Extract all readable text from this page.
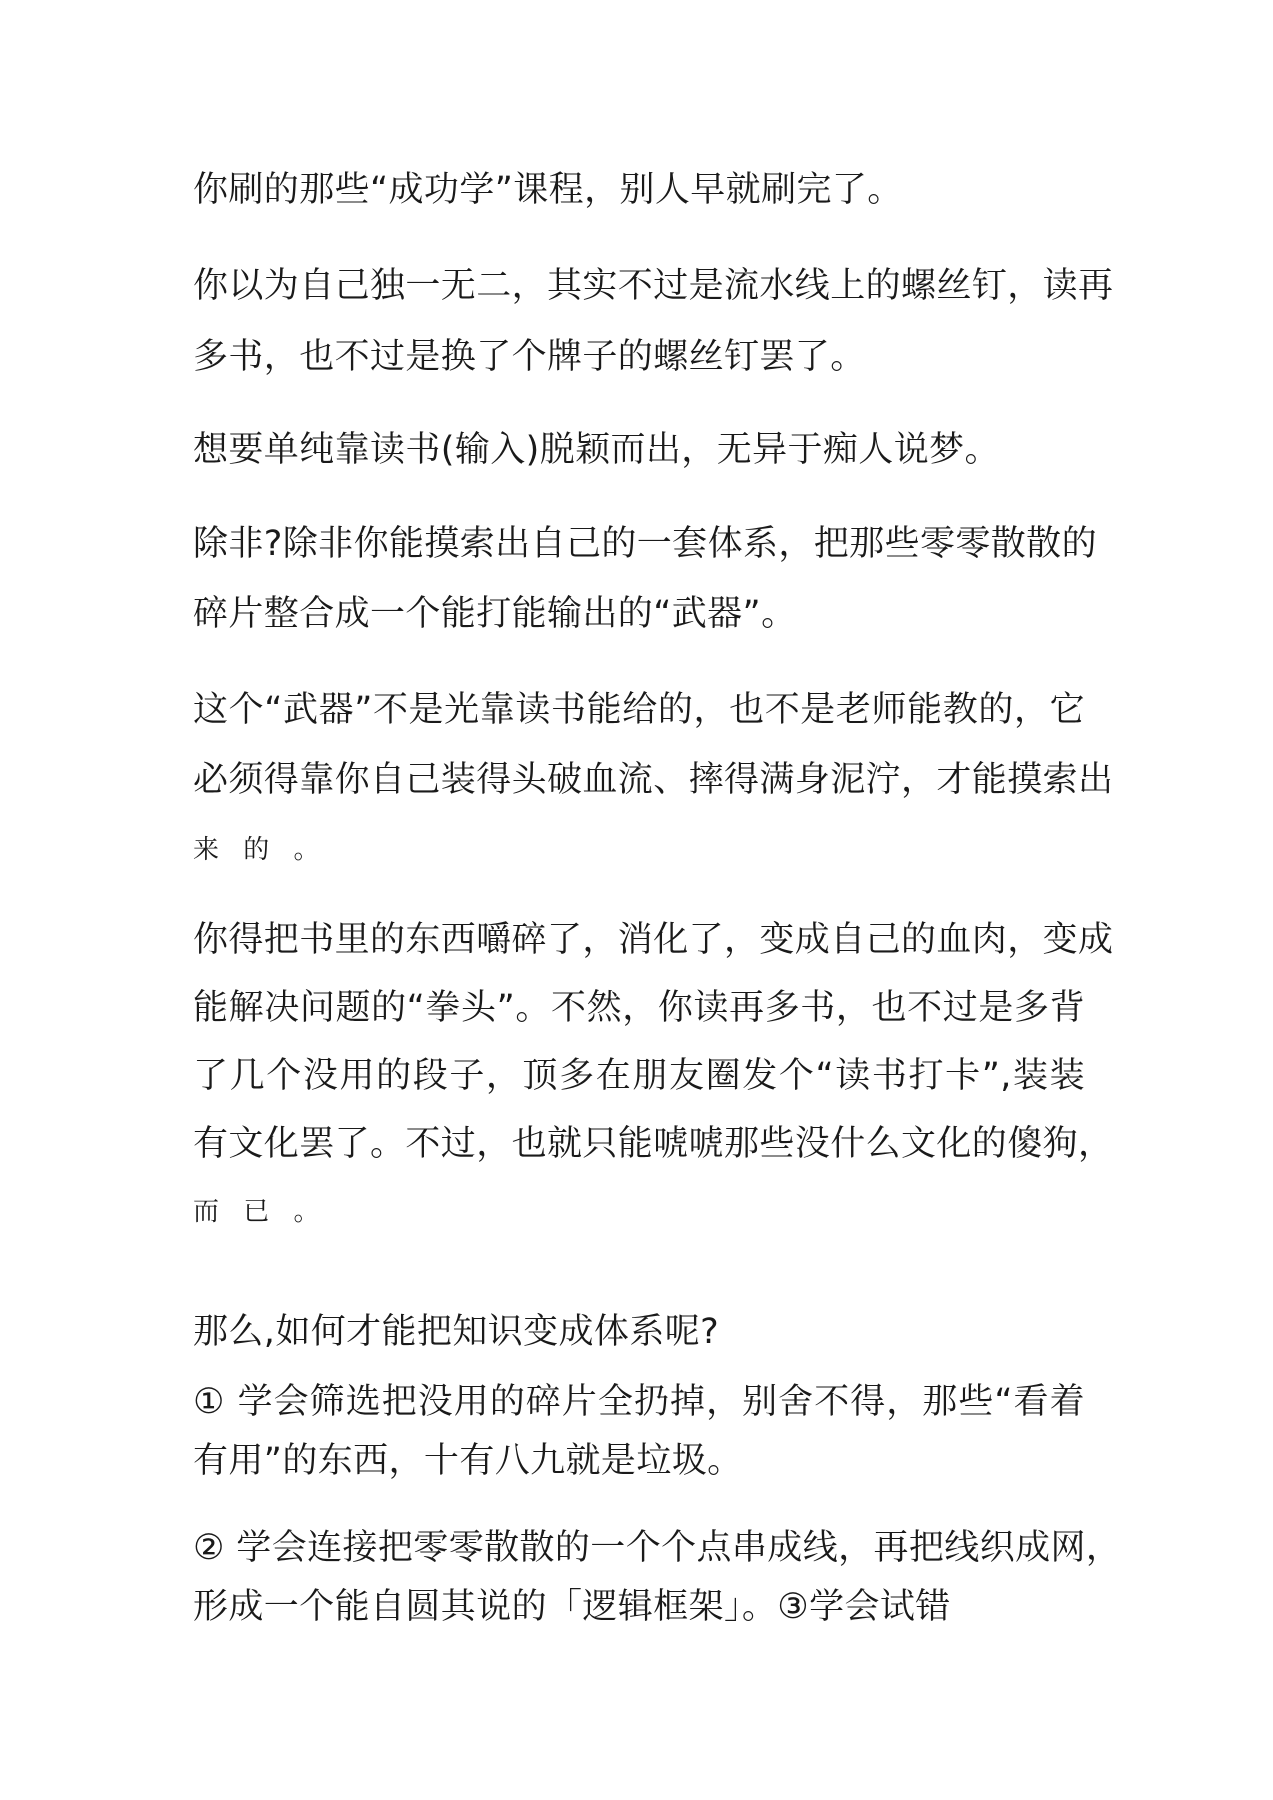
你刷的那些“成功学”课程，别人早就刷完了。
你以为自己独一无二，其实不过是流水线上的螺丝钉，读再
多书，也不过是换了个牌子的螺丝钉罢了。
想要单纯靠读书(输入)脱颖而出，无异于痴人说梦。
除非?除非你能摸索出自己的一套体系，把那些零零散散的
碎片整合成一个能打能输出的“武器”。
这个“武器”不是光靠读书能给的，也不是老师能教的，它
必须得靠你自己装得头破血流、摔得满身泥泞，才能摸索出
来 的 。
你得把书里的东西嚼碎了，消化了，变成自己的血肉，变成
能解决问题的“拳头”。不然，你读再多书，也不过是多背
了几个没用的段子，顶多在朋友圈发个“读书打卡”,装装
有文化罢了。不过，也就只能唬唬那些没什么文化的傻狗，
而 已 。
那么,如何才能把知识变成体系呢?
① 学会筛选把没用的碎片全扔掉，别舍不得，那些“看着
有用”的东西，十有八九就是垃圾。
② 学会连接把零零散散的一个个点串成线，再把线织成网，
形成一个能自圆其说的「逻辑框架」。③学会试错
